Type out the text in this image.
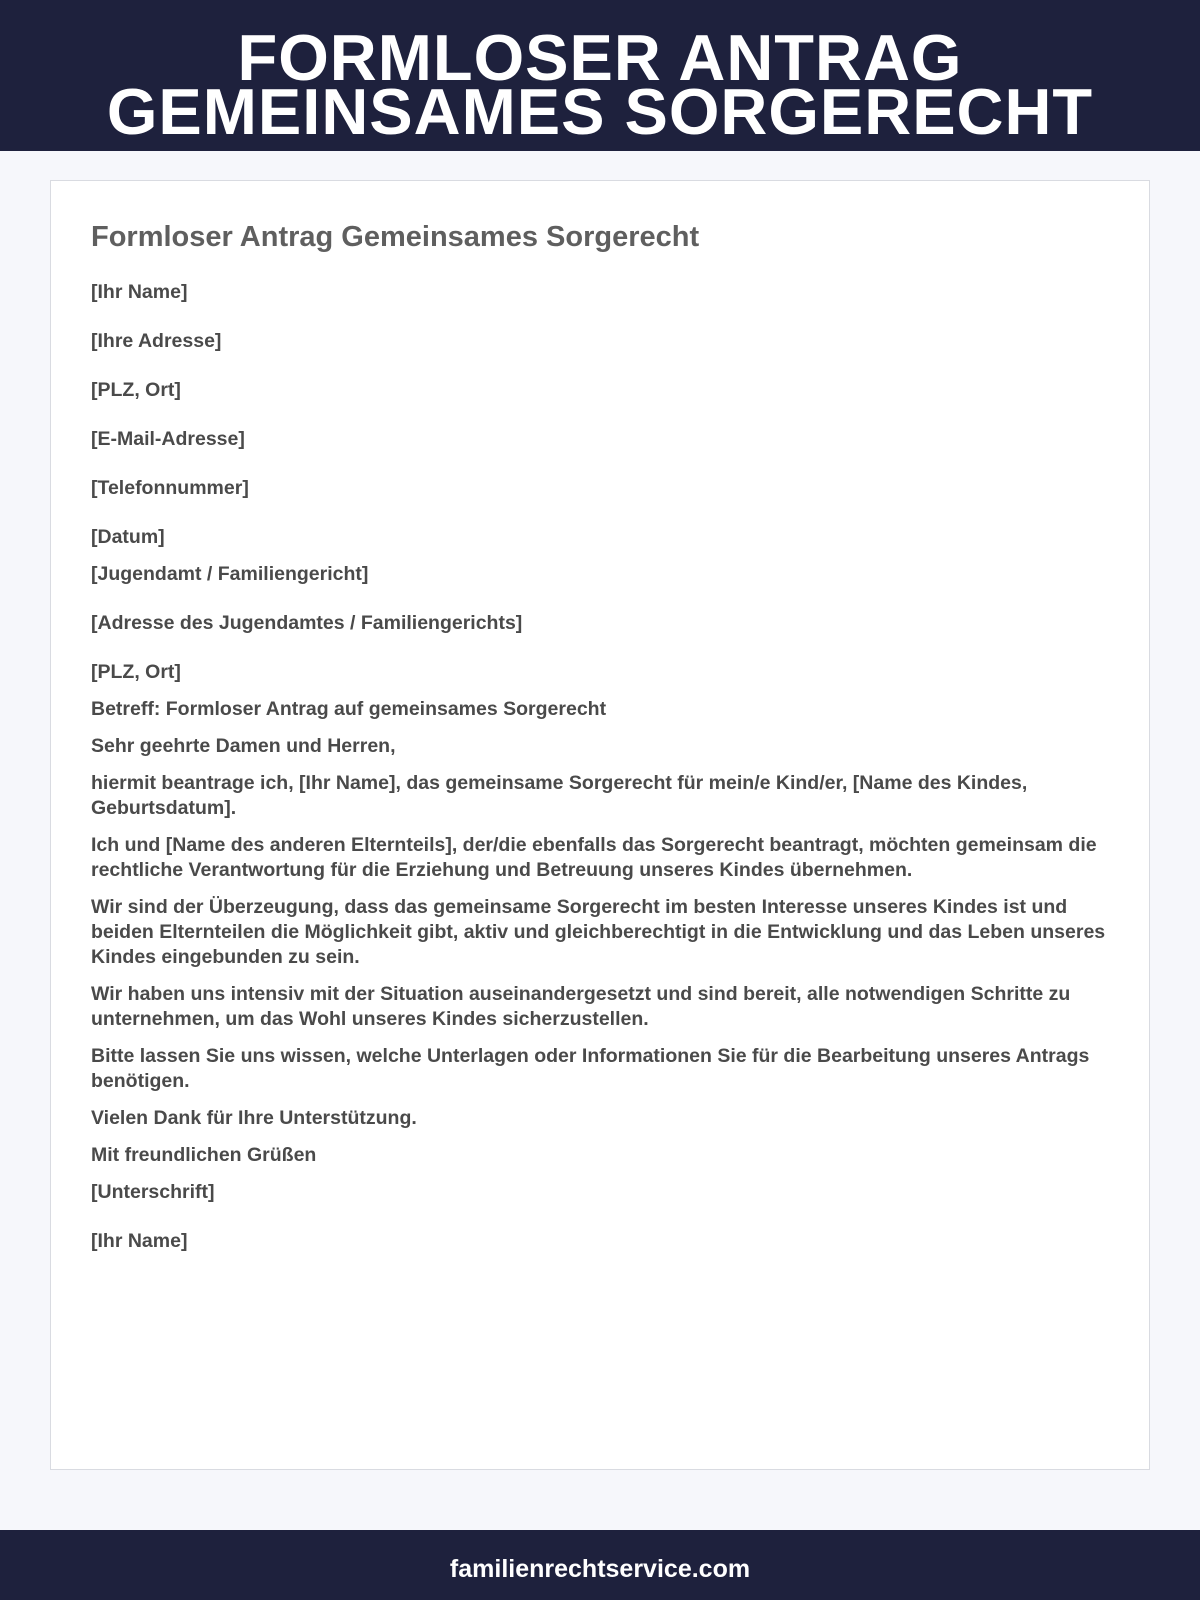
FORMLOSER ANTRAG
GEMEINSAMES SORGERECHT
Formloser Antrag Gemeinsames Sorgerecht

[Ihr Name]

[Ihre Adresse]

[PLZ, Ort]

[E-Mail-Adresse]

[Telefonnummer]

[Datum]

[Jugendamt / Familiengericht]

[Adresse des Jugendamtes / Familiengerichts]

[PLZ, Ort]

Betreff: Formloser Antrag auf gemeinsames Sorgerecht

Sehr geehrte Damen und Herren,

hiermit beantrage ich, [Ihr Name], das gemeinsame Sorgerecht für mein/e Kind/er, [Name des Kindes, Geburtsdatum].

Ich und [Name des anderen Elternteils], der/die ebenfalls das Sorgerecht beantragt, möchten gemeinsam die rechtliche Verantwortung für die Erziehung und Betreuung unseres Kindes übernehmen.

Wir sind der Überzeugung, dass das gemeinsame Sorgerecht im besten Interesse unseres Kindes ist und beiden Elternteilen die Möglichkeit gibt, aktiv und gleichberechtigt in die Entwicklung und das Leben unseres Kindes eingebunden zu sein.

Wir haben uns intensiv mit der Situation auseinandergesetzt und sind bereit, alle notwendigen Schritte zu unternehmen, um das Wohl unseres Kindes sicherzustellen.

Bitte lassen Sie uns wissen, welche Unterlagen oder Informationen Sie für die Bearbeitung unseres Antrags benötigen.

Vielen Dank für Ihre Unterstützung.

Mit freundlichen Grüßen

[Unterschrift]

[Ihr Name]

familienrechtservice.com
